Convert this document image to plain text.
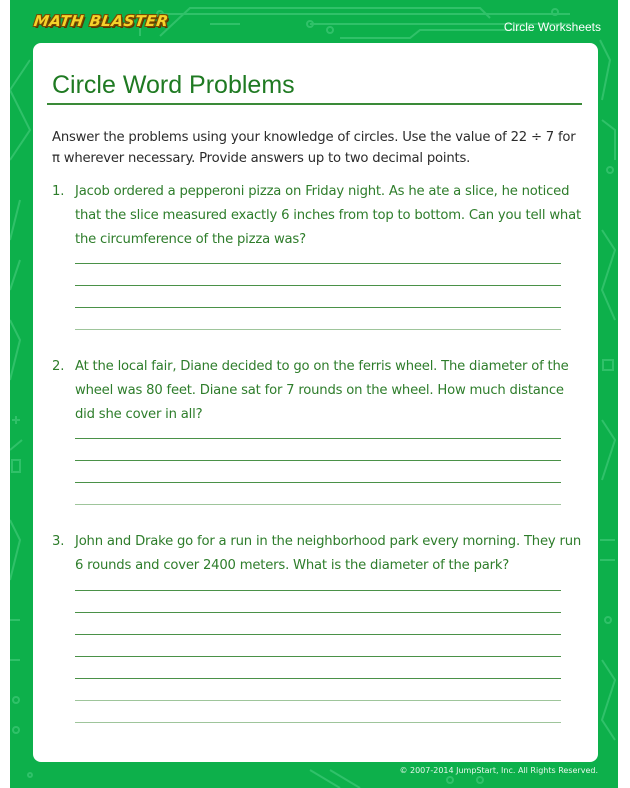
MATH BLASTER	Circle Worksheets
Circle Word Problems
Answer the problems using your knowledge of circles. Use the value of 22 ÷ 7 for π wherever necessary. Provide answers up to two decimal points.
1. Jacob ordered a pepperoni pizza on Friday night. As he ate a slice, he noticed that the slice measured exactly 6 inches from top to bottom. Can you tell what the circumference of the pizza was?
2. At the local fair, Diane decided to go on the ferris wheel. The diameter of the wheel was 80 feet. Diane sat for 7 rounds on the wheel. How much distance did she cover in all?
3. John and Drake go for a run in the neighborhood park every morning. They run 6 rounds and cover 2400 meters. What is the diameter of the park?
© 2007-2014 JumpStart, Inc. All Rights Reserved.
